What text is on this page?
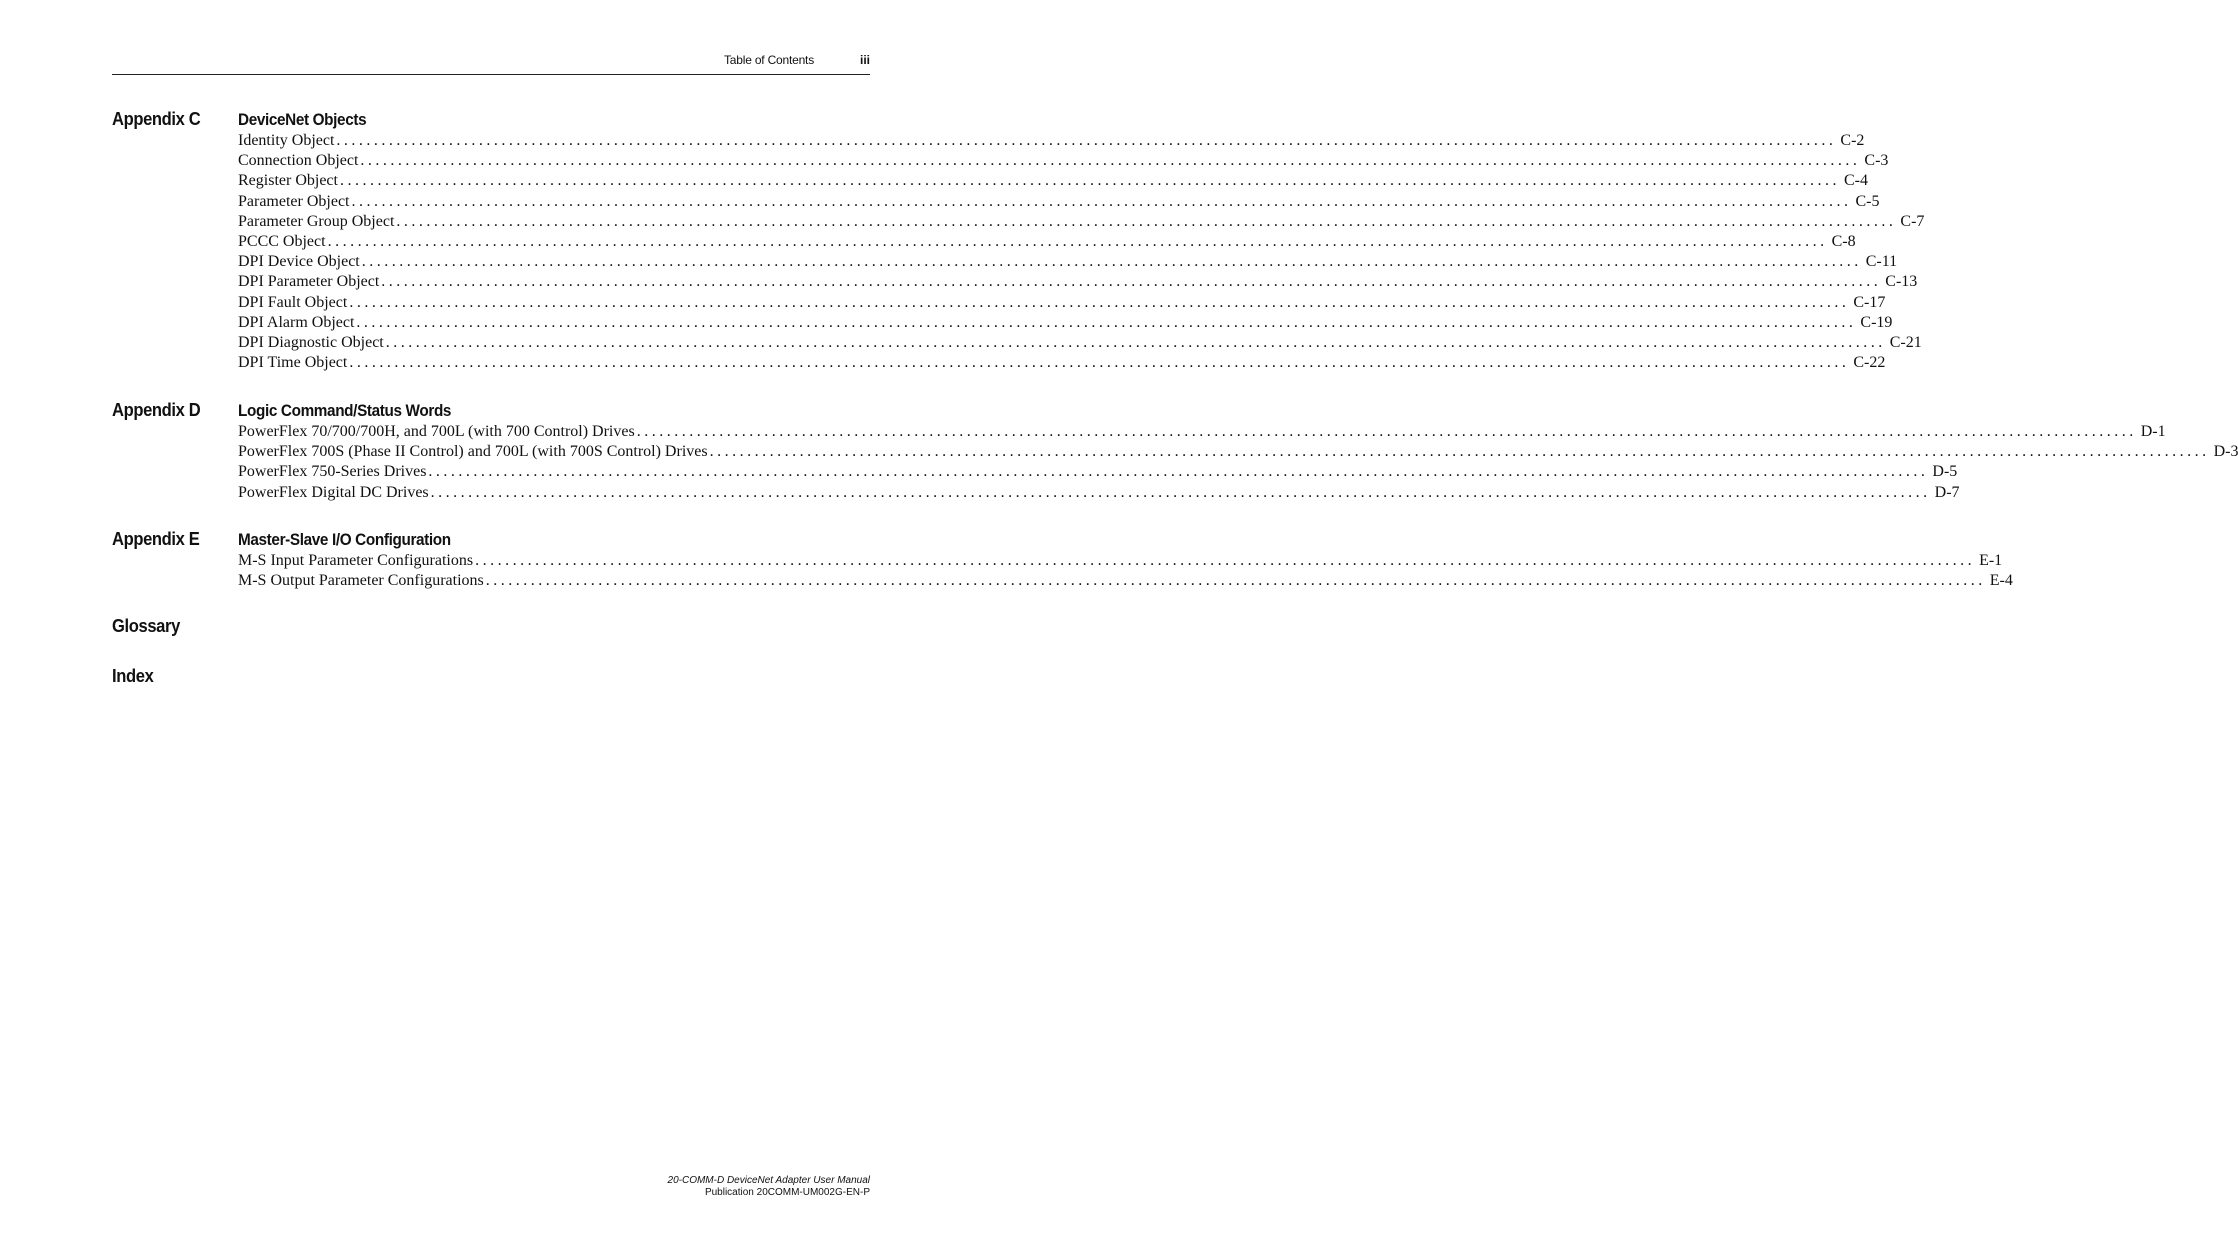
Table of Contents	iii
Appendix C DeviceNet Objects
Identity Object ........................................................................................................................................................................................................ C-2
Connection Object ........................................................................................................................................................................................................ C-3
Register Object ........................................................................................................................................................................................................ C-4
Parameter Object ........................................................................................................................................................................................................ C-5
Parameter Group Object ........................................................................................................................................................................................................ C-7
PCCC Object ........................................................................................................................................................................................................ C-8
DPI Device Object ........................................................................................................................................................................................................ C-11
DPI Parameter Object ........................................................................................................................................................................................................ C-13
DPI Fault Object ........................................................................................................................................................................................................ C-17
DPI Alarm Object ........................................................................................................................................................................................................ C-19
DPI Diagnostic Object ........................................................................................................................................................................................................ C-21
DPI Time Object ........................................................................................................................................................................................................ C-22
Appendix D Logic Command/Status Words
PowerFlex 70/700/700H, and 700L (with 700 Control) Drives ........................................................................................................................................................................................................ D-1
PowerFlex 700S (Phase II Control) and 700L (with 700S Control) Drives ........................................................................................................................................................................................................ D-3
PowerFlex 750-Series Drives ........................................................................................................................................................................................................ D-5
PowerFlex Digital DC Drives ........................................................................................................................................................................................................ D-7
Appendix E Master-Slave I/O Configuration
M-S Input Parameter Configurations ........................................................................................................................................................................................................ E-1
M-S Output Parameter Configurations ........................................................................................................................................................................................................ E-4
Glossary
Index
20-COMM-D DeviceNet Adapter User Manual
Publication 20COMM-UM002G-EN-P
